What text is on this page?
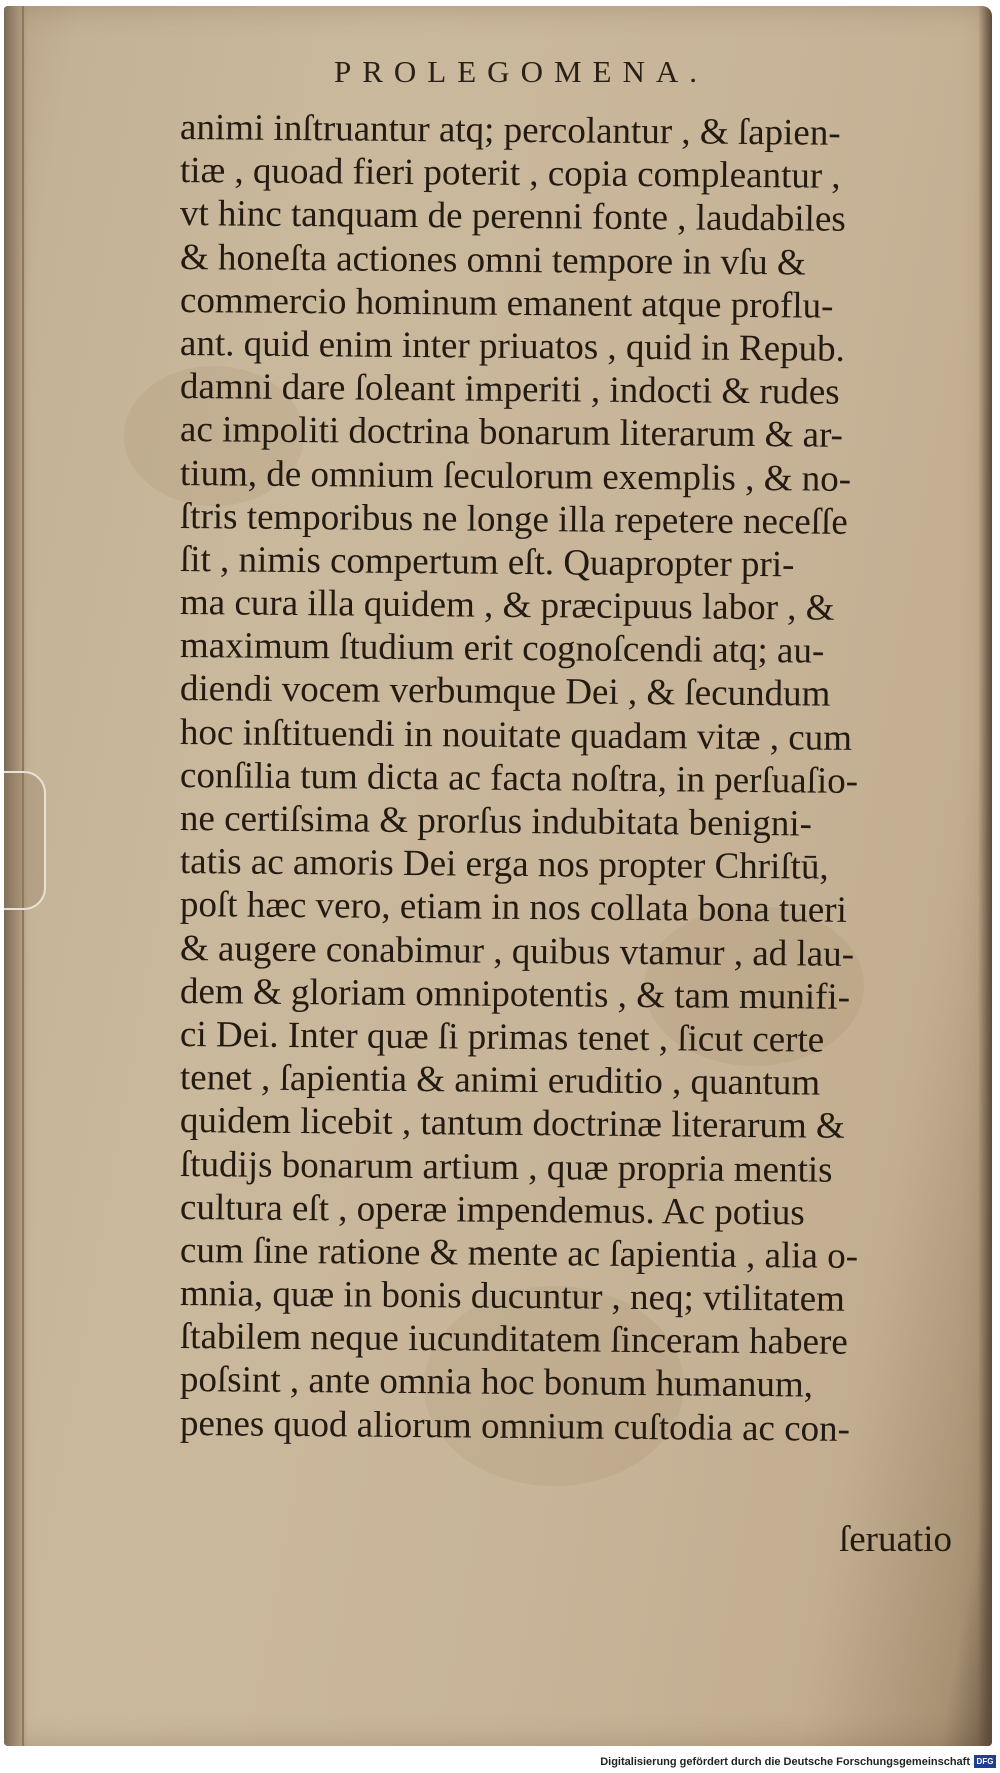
PROLEGOMENA.
animi inſtruantur atq; percolantur , & ſapien-
tiæ , quoad fieri poterit , copia compleantur ,
vt hinc tanquam de perenni fonte , laudabiles
& honeſta actiones omni tempore in vſu &
commercio hominum emanent atque proflu-
ant. quid enim inter priuatos , quid in Repub.
damni dare ſoleant imperiti , indocti & rudes
ac impoliti doctrina bonarum literarum & ar-
tium, de omnium ſeculorum exemplis , & no-
ſtris temporibus ne longe illa repetere neceſſe
ſit , nimis compertum eſt. Quapropter pri-
ma cura illa quidem , & præcipuus labor , &
maximum ſtudium erit cognoſcendi atq; au-
diendi vocem verbumque Dei , & ſecundum
hoc inſtituendi in nouitate quadam vitæ , cum
conſilia tum dicta ac facta noſtra, in perſuaſio-
ne certiſsima & prorſus indubitata benigni-
tatis ac amoris Dei erga nos propter Chriſtū,
poſt hæc vero, etiam in nos collata bona tueri
& augere conabimur , quibus vtamur , ad lau-
dem & gloriam omnipotentis , & tam munifi-
ci Dei. Inter quæ ſi primas tenet , ſicut certe
tenet , ſapientia & animi eruditio , quantum
quidem licebit , tantum doctrinæ literarum &
ſtudijs bonarum artium , quæ propria mentis
cultura eſt , operæ impendemus. Ac potius
cum ſine ratione & mente ac ſapientia , alia o-
mnia, quæ in bonis ducuntur , neq; vtilitatem
ſtabilem neque iucunditatem ſinceram habere
poſsint , ante omnia hoc bonum humanum,
penes quod aliorum omnium cuſtodia ac con-
ſeruatio
Digitalisierung gefördert durch die Deutsche Forschungsgemeinschaft DFG
